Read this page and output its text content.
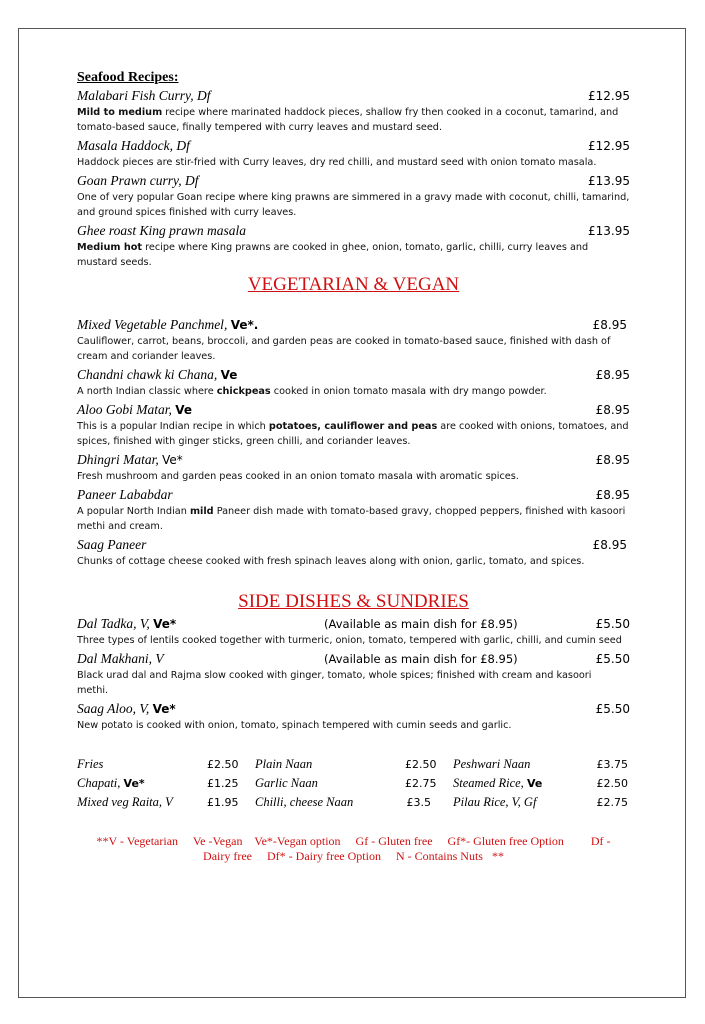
Seafood Recipes:
Malabari Fish Curry, Df	£12.95

Mild to medium recipe where marinated haddock pieces, shallow fry then cooked in a coconut, tamarind, and tomato-based sauce, finally tempered with curry leaves and mustard seed.

Masala Haddock, Df	£12.95

Haddock pieces are stir-fried with Curry leaves, dry red chilli, and mustard seed with onion tomato masala.

Goan Prawn curry, Df	£13.95

One of very popular Goan recipe where king prawns are simmered in a gravy made with coconut, chilli, tamarind, and ground spices finished with curry leaves.

Ghee roast King prawn masala	£13.95

Medium hot recipe where King prawns are cooked in ghee, onion, tomato, garlic, chilli, curry leaves and mustard seeds.

VEGETARIAN & VEGAN
Mixed Vegetable Panchmel, Ve*.	£8.95

Cauliflower, carrot, beans, broccoli, and garden peas are cooked in tomato-based sauce, finished with dash of cream and coriander leaves.

Chandni chawk ki Chana, Ve	£8.95

A north Indian classic where chickpeas cooked in onion tomato masala with dry mango powder.

Aloo Gobi Matar, Ve	£8.95

This is a popular Indian recipe in which potatoes, cauliflower and peas are cooked with onions, tomatoes, and spices, finished with ginger sticks, green chilli, and coriander leaves.

Dhingri Matar, Ve*	£8.95

Fresh mushroom and garden peas cooked in an onion tomato masala with aromatic spices.

Paneer Lababdar	£8.95

A popular North Indian mild Paneer dish made with tomato-based gravy, chopped peppers, finished with kasoori methi and cream.

Saag Paneer	£8.95

Chunks of cottage cheese cooked with fresh spinach leaves along with onion, garlic, tomato, and spices.

SIDE DISHES & SUNDRIES
Dal Tadka, V, Ve*	(Available as main dish for £8.95)	£5.50

Three types of lentils cooked together with turmeric, onion, tomato, tempered with garlic, chilli, and cumin seed

Dal Makhani, V	(Available as main dish for £8.95)	£5.50

Black urad dal and Rajma slow cooked with ginger, tomato, whole spices; finished with cream and kasoori methi.

Saag Aloo, V, Ve*	£5.50

New potato is cooked with onion, tomato, spinach tempered with cumin seeds and garlic.

Fries	£2.50	Plain Naan	£2.50	Peshwari Naan	£3.75
Chapati, Ve*	£1.25	Garlic Naan	£2.75	Steamed Rice, Ve	£2.50
Mixed veg Raita, V	£1.95	Chilli, cheese Naan	£3.5	Pilau Rice, V, Gf	£2.75
**V - Vegetarian     Ve -Vegan    Ve*-Vegan option     Gf - Gluten free     Gf*- Gluten free Option         Df -
Dairy free     Df* - Dairy free Option     N - Contains Nuts   **
